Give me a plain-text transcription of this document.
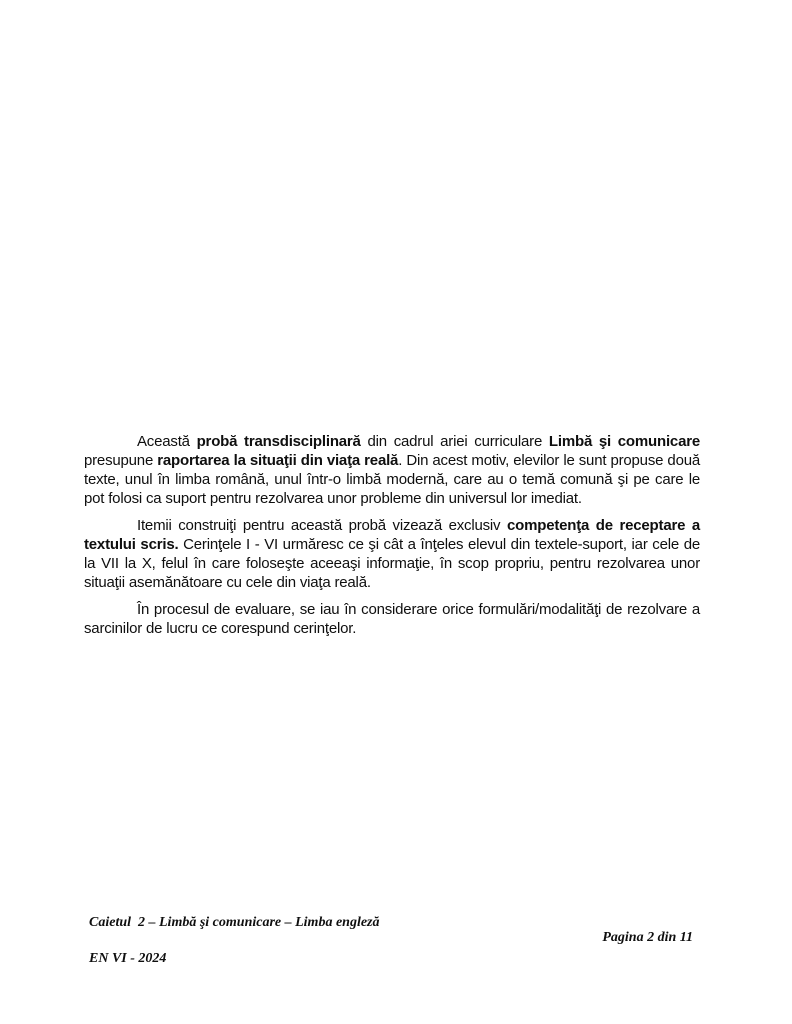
Această probă transdisciplinară din cadrul ariei curriculare Limbă şi comunicare presupune raportarea la situaţii din viaţa reală. Din acest motiv, elevilor le sunt propuse două texte, unul în limba română, unul într-o limbă modernă, care au o temă comună şi pe care le pot folosi ca suport pentru rezolvarea unor probleme din universul lor imediat.

Itemii construiţi pentru această probă vizează exclusiv competenţa de receptare a textului scris. Cerinţele I - VI urmăresc ce şi cât a înţeles elevul din textele-suport, iar cele de la VII la X, felul în care foloseşte aceeaşi informaţie, în scop propriu, pentru rezolvarea unor situaţii asemănătoare cu cele din viaţa reală.

În procesul de evaluare, se iau în considerare orice formulări/modalităţi de rezolvare a sarcinilor de lucru ce corespund cerinţelor.

Caietul  2 – Limbă şi comunicare – Limba engleză
Pagina 2 din 11
EN VI - 2024
